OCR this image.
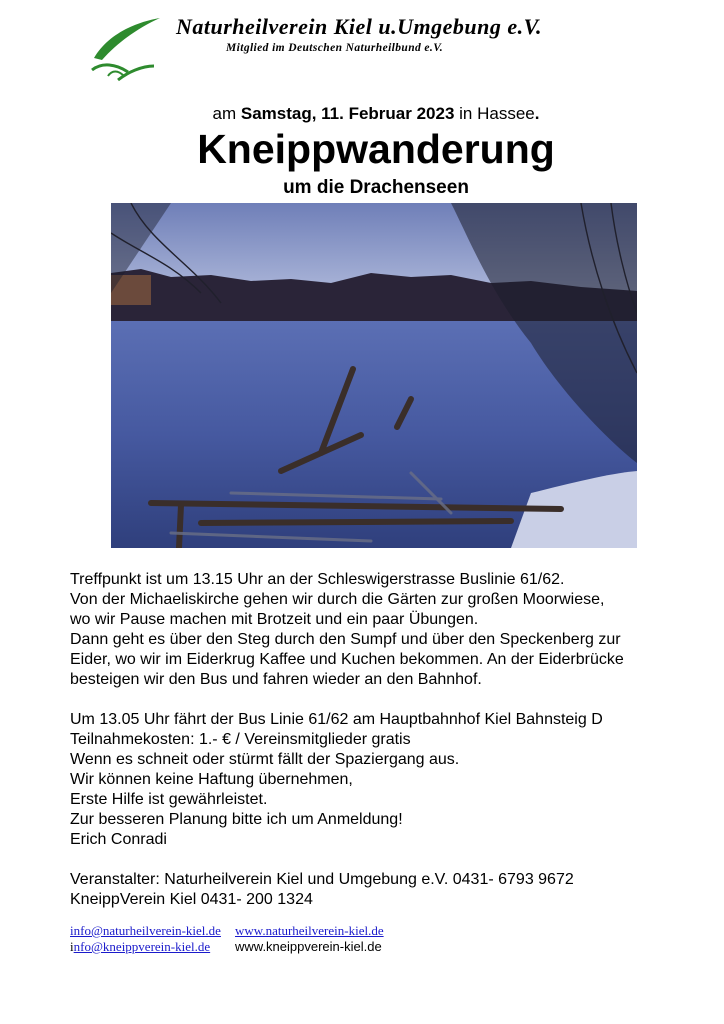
Naturheilverein Kiel u.Umgebung e.V.
Mitglied im Deutschen Naturheilbund e.V.
am Samstag, 11. Februar 2023 in Hassee.
Kneippwanderung
um die Drachenseen

Treffpunkt ist um 13.15 Uhr an der Schleswigerstrasse Buslinie 61/62.

Von der Michaeliskirche gehen wir durch die Gärten zur großen Moorwiese,

wo wir Pause machen mit Brotzeit und ein paar Übungen.

Dann geht es über den Steg durch den Sumpf und über den Speckenberg zur

Eider, wo wir im Eiderkrug Kaffee und Kuchen bekommen. An der Eiderbrücke

besteigen wir den Bus und fahren wieder an den Bahnhof.

Um 13.05 Uhr fährt der Bus Linie 61/62 am Hauptbahnhof Kiel Bahnsteig D

Teilnahmekosten: 1.- € / Vereinsmitglieder gratis

Wenn es schneit oder stürmt fällt der Spaziergang aus.

Wir können keine Haftung übernehmen,

Erste Hilfe ist gewährleistet.

Zur besseren Planung bitte ich um Anmeldung!

Erich Conradi

Veranstalter: Naturheilverein Kiel und Umgebung e.V. 0431- 6793 9672

KneippVerein Kiel 0431- 200 1324

info@naturheilverein-kiel.de	www.naturheilverein-kiel.de
info@kneippverein-kiel.de	www.kneippverein-kiel.de
